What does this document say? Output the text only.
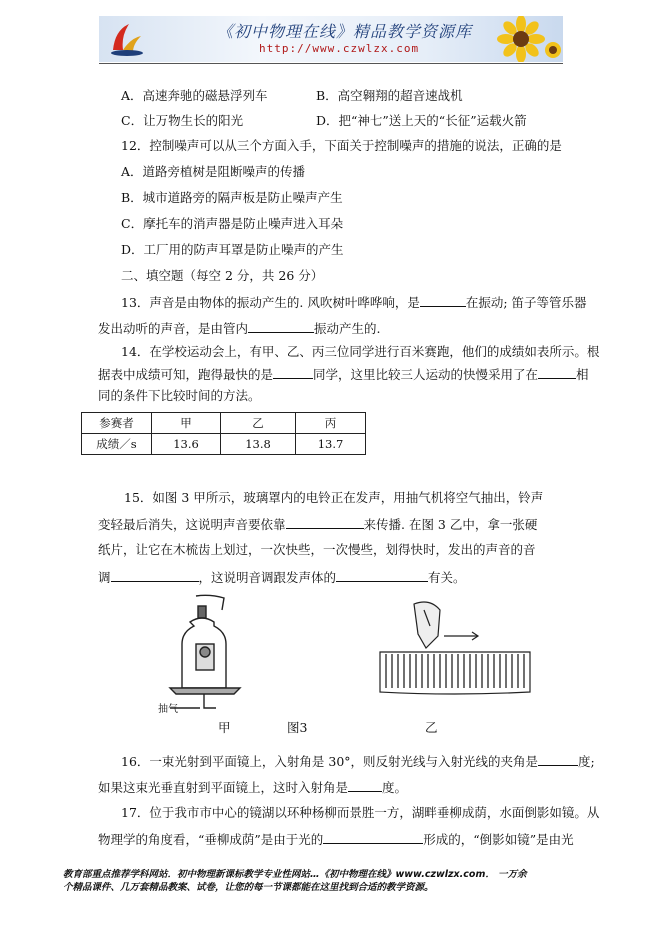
《初中物理在线》精品教学资源库
http://www.czwlzx.com
A．高速奔驰的磁悬浮列车	B．高空翱翔的超音速战机
C．让万物生长的阳光	D．把“神七”送上天的“长征”运载火箭
12．控制噪声可以从三个方面入手，下面关于控制噪声的措施的说法，正确的是
A．道路旁植树是阻断噪声的传播
B．城市道路旁的隔声板是防止噪声产生
C．摩托车的消声器是防止噪声进入耳朵
D．工厂用的防声耳罩是防止噪声的产生
二、填空题（每空 2 分，共 26 分）
13．声音是由物体的振动产生的. 风吹树叶哗哗响，是	在振动; 笛子等管乐器
发出动听的声音，是由管内	振动产生的.
14．在学校运动会上，有甲、乙、丙三位同学进行百米赛跑，他们的成绩如表所示。根
据表中成绩可知，跑得最快的是	同学，这里比较三人运动的快慢采用了在	相
同的条件下比较时间的方法。
参赛者	甲	乙	丙
成绩／s	13.6	13.8	13.7
15．如图 3 甲所示，玻璃罩内的电铃正在发声，用抽气机将空气抽出，铃声
变轻最后消失，这说明声音要依靠	来传播. 在图 3 乙中，拿一张硬
纸片，让它在木梳齿上划过，一次快些，一次慢些，划得快时，发出的声音的音
调	，这说明音调跟发声体的	有关。
抽气
甲	图3	乙
16．一束光射到平面镜上，入射角是 30°，则反射光线与入射光线的夹角是	度;
如果这束光垂直射到平面镜上，这时入射角是	度。
17．位于我市市中心的镜湖以环种杨柳而景胜一方，湖畔垂柳成荫，水面倒影如镜。从
物理学的角度看，“垂柳成荫”是由于光的	形成的，“倒影如镜”是由光
教育部重点推荐学科网站．初中物理新课标教学专业性网站…《初中物理在线》www.czwlzx.com． 一万余
个精品课件、几万套精品教案、试卷，让您的每一节课都能在这里找到合适的教学资源。
